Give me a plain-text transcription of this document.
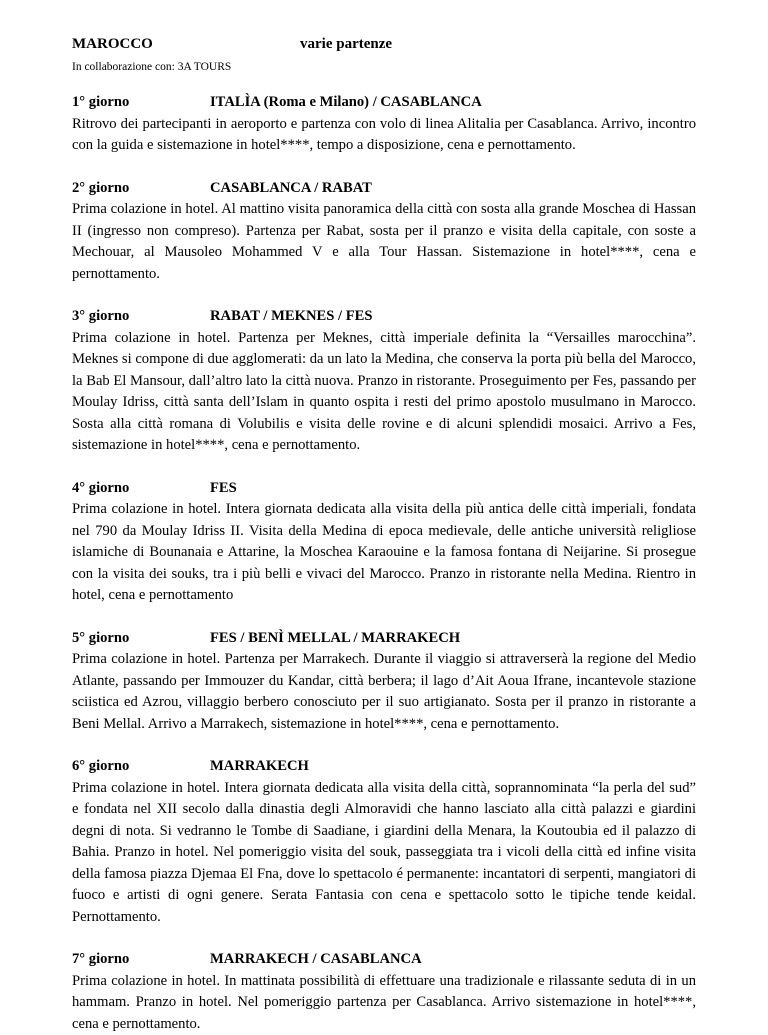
MAROCCO	varie partenze
In collaborazione con: 3A TOURS
1° giorno	ITALÌA (Roma e Milano) / CASABLANCA
Ritrovo dei partecipanti in aeroporto e partenza con volo di linea Alitalia per Casablanca. Arrivo, incontro con la guida e sistemazione in hotel****, tempo a disposizione, cena e pernottamento.
2° giorno	CASABLANCA / RABAT
Prima colazione in hotel. Al mattino visita panoramica della città con sosta alla grande Moschea di Hassan II (ingresso non compreso). Partenza per Rabat, sosta per il pranzo e visita della capitale, con soste a Mechouar, al Mausoleo Mohammed V e alla Tour Hassan. Sistemazione in hotel****, cena e pernottamento.
3° giorno	RABAT / MEKNES / FES
Prima colazione in hotel. Partenza per Meknes, città imperiale definita la “Versailles marocchina”. Meknes si compone di due agglomerati: da un lato la Medina, che conserva la porta più bella del Marocco, la Bab El Mansour, dall’altro lato la città nuova. Pranzo in ristorante. Proseguimento per Fes, passando per Moulay Idriss, città santa dell’Islam in quanto ospita i resti del primo apostolo musulmano in Marocco. Sosta alla città romana di Volubilis e visita delle rovine e di alcuni splendidi mosaici. Arrivo a Fes, sistemazione in hotel****, cena e pernottamento.
4° giorno	FES
Prima colazione in hotel. Intera giornata dedicata alla visita della più antica delle città imperiali, fondata nel 790 da Moulay Idriss II. Visita della Medina di epoca medievale, delle antiche università religliose islamiche di Bounanaia e Attarine, la Moschea Karaouine e la famosa fontana di Neijarine. Si prosegue con la visita dei souks, tra i più belli e vivaci del Marocco. Pranzo in ristorante nella Medina. Rientro in hotel, cena e pernottamento
5° giorno	FES / BENÌ MELLAL / MARRAKECH
Prima colazione in hotel. Partenza per Marrakech. Durante il viaggio si attraverserà la regione del Medio Atlante, passando per Immouzer du Kandar, città berbera; il lago d’Ait Aoua Ifrane, incantevole stazione sciistica ed Azrou, villaggio berbero conosciuto per il suo artigianato. Sosta per il pranzo in ristorante a Beni Mellal. Arrivo a Marrakech, sistemazione in hotel****, cena e pernottamento.
6° giorno	MARRAKECH
Prima colazione in hotel. Intera giornata dedicata alla visita della città, soprannominata “la perla del sud” e fondata nel XII secolo dalla dinastia degli Almoravidi che hanno lasciato alla città palazzi e giardini degni di nota. Si vedranno le Tombe di Saadiane, i giardini della Menara, la Koutoubia ed il palazzo di Bahia. Pranzo in hotel. Nel pomeriggio visita del souk, passeggiata tra i vicoli della città ed infine visita della famosa piazza Djemaa El Fna, dove lo spettacolo é permanente: incantatori di serpenti, mangiatori di fuoco e artisti di ogni genere. Serata Fantasia con cena e spettacolo sotto le tipiche tende keidal. Pernottamento.
7° giorno	MARRAKECH / CASABLANCA
Prima colazione in hotel. In mattinata possibilità di effettuare una tradizionale e rilassante seduta di in un hammam. Pranzo in hotel. Nel pomeriggio partenza per Casablanca. Arrivo sistemazione in hotel****, cena e pernottamento.
